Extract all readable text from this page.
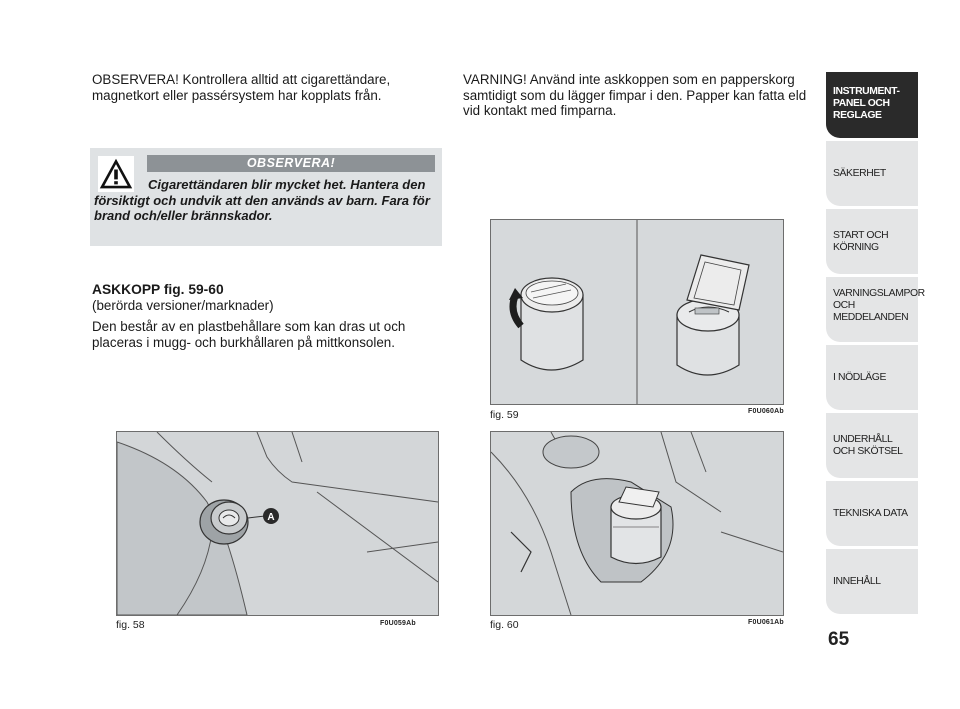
OBSERVERA! Kontrollera alltid att cigarettändare, magnetkort eller passérsystem har kopplats från.

OBSERVERA!
Cigarettändaren blir mycket het. Hantera den försiktigt och undvik att den används av barn. Fara för brand och/eller brännskador.

ASKKOPP fig. 59-60

(berörda versioner/marknader)

Den består av en plastbehållare som kan dras ut och placeras i mugg- och burkhållaren på mittkonsolen.

VARNING! Använd inte askkoppen som en papperskorg samtidigt som du lägger fimpar i den. Papper kan fatta eld vid kontakt med fimparna.

A
fig. 58	F0U059Ab
fig. 59	F0U060Ab
fig. 60	F0U061Ab
INSTRUMENT-
PANEL OCH
REGLAGE
SÄKERHET
START OCH
KÖRNING
VARNINGSLAMPOR
OCH
MEDDELANDEN
I NÖDLÄGE
UNDERHÅLL
OCH SKÖTSEL
TEKNISKA DATA
INNEHÅLL
65
